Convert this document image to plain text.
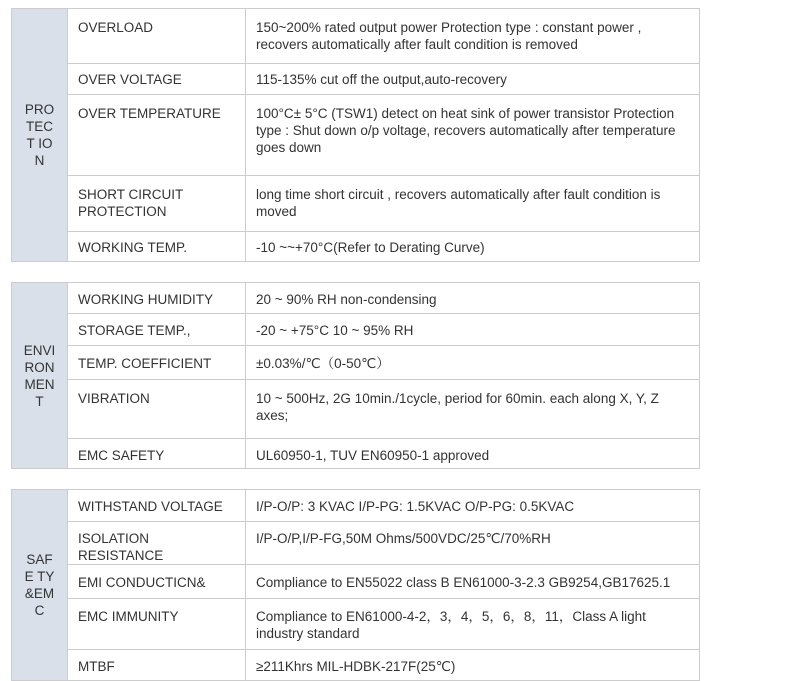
PRO TECT ION	OVERLOAD	150~200% rated output power Protection type : constant power , recovers automatically after fault condition is removed
	OVER VOLTAGE	115-135% cut off the output,auto-recovery
	OVER TEMPERATURE	100°C± 5°C (TSW1) detect on heat sink of power transistor Protection type : Shut down o/p voltage, recovers automatically after temperature goes down
	SHORT CIRCUIT PROTECTION	long time short circuit , recovers automatically after fault condition is moved
	WORKING TEMP.	-10 ~~+70°C(Refer to Derating Curve)
ENVI RON MEN T	WORKING HUMIDITY	20 ~ 90% RH non-condensing
	STORAGE TEMP.,	-20 ~ +75°C 10 ~ 95% RH
	TEMP. COEFFICIENT	±0.03%/℃（0-50℃）
	VIBRATION	10 ~ 500Hz, 2G 10min./1cycle, period for 60min. each along X, Y, Z axes;
	EMC SAFETY	UL60950-1, TUV EN60950-1 approved
SAFE TY &EM C	WITHSTAND VOLTAGE	I/P-O/P: 3 KVAC I/P-PG: 1.5KVAC O/P-PG: 0.5KVAC
	ISOLATION RESISTANCE	I/P-O/P,I/P-FG,50M Ohms/500VDC/25℃/70%RH
	EMI CONDUCTICN&	Compliance to EN55022 class B EN61000-3-2.3 GB9254,GB17625.1
	EMC IMMUNITY	Compliance to EN61000-4-2，3，4，5，6，8，11，Class A light industry standard
	MTBF	≥211Khrs MIL-HDBK-217F(25℃)
